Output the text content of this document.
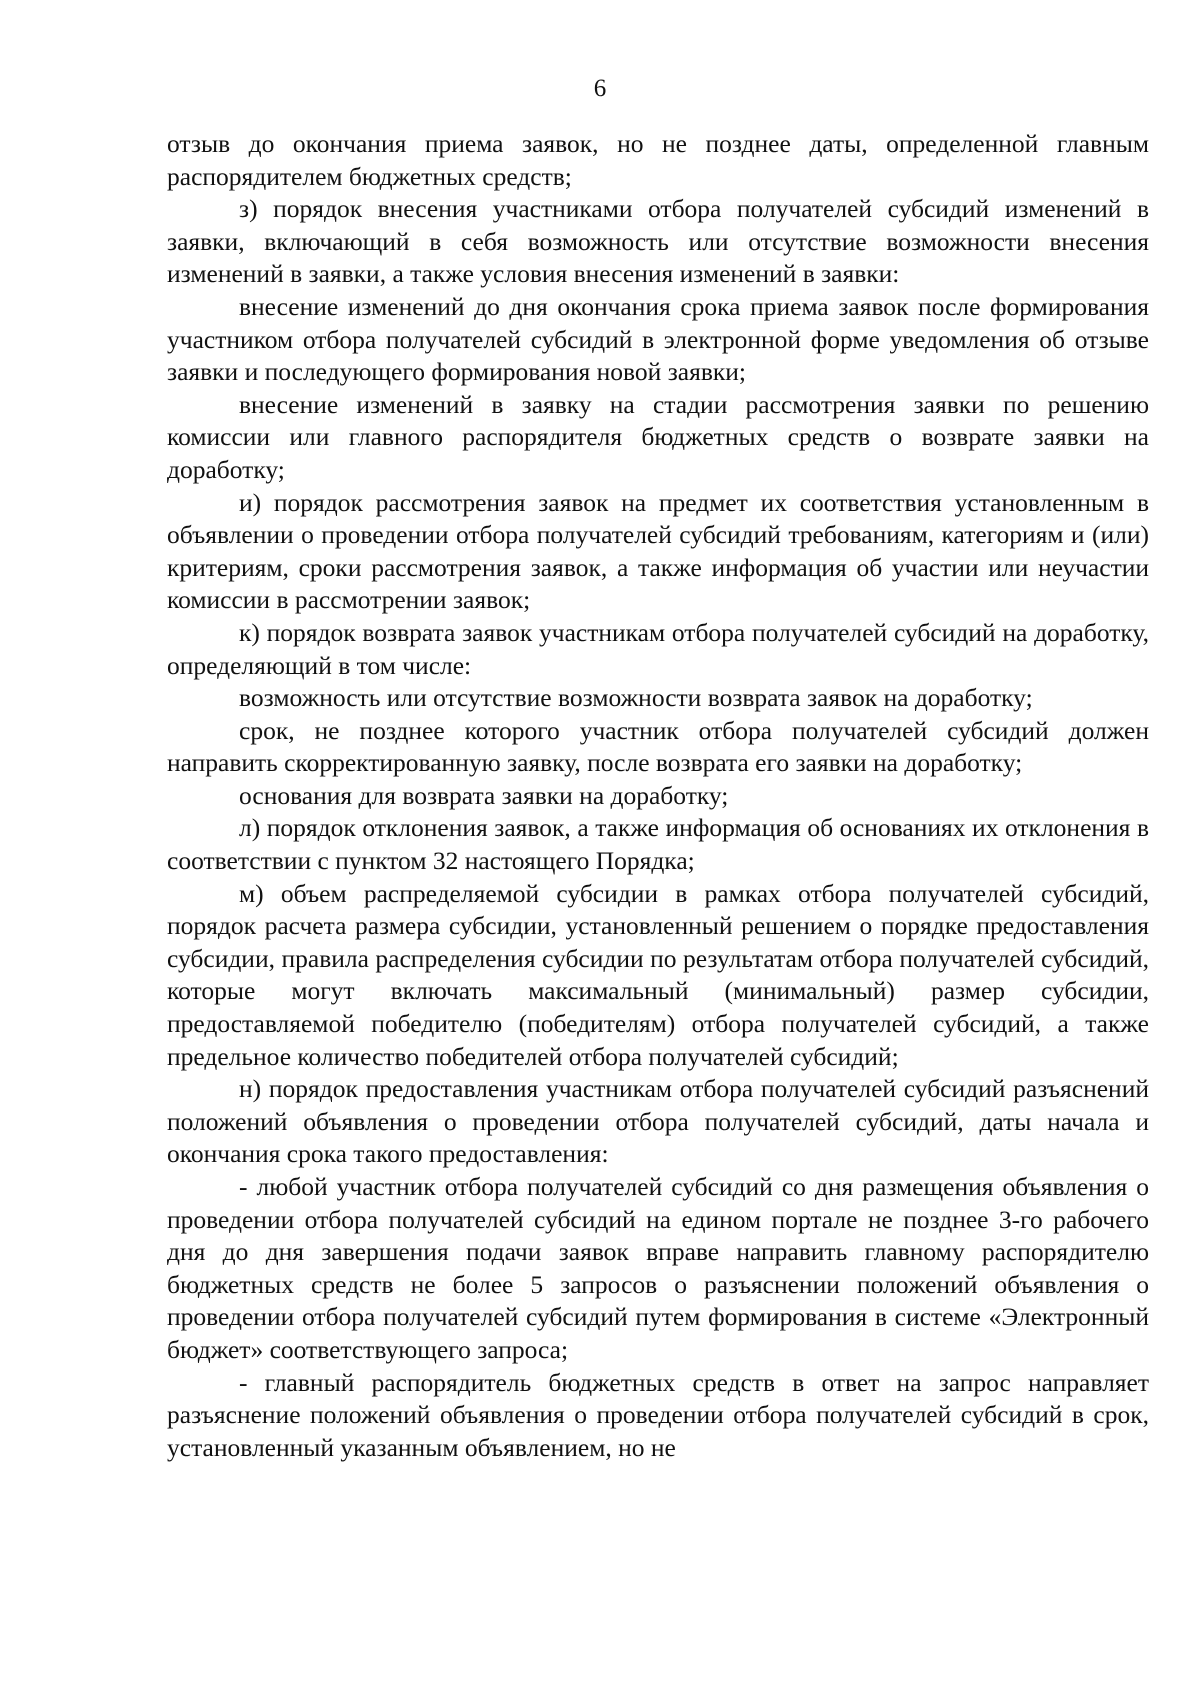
6

отзыв до окончания приема заявок, но не позднее даты, определенной главным распорядителем бюджетных средств;

з) порядок внесения участниками отбора получателей субсидий изменений в заявки, включающий в себя возможность или отсутствие возможности внесения изменений в заявки, а также условия внесения изменений в заявки:

внесение изменений до дня окончания срока приема заявок после формирования участником отбора получателей субсидий в электронной форме уведомления об отзыве заявки и последующего формирования новой заявки;

внесение изменений в заявку на стадии рассмотрения заявки по решению комиссии или главного распорядителя бюджетных средств о возврате заявки на доработку;

и) порядок рассмотрения заявок на предмет их соответствия установленным в объявлении о проведении отбора получателей субсидий требованиям, категориям и (или) критериям, сроки рассмотрения заявок, а также информация об участии или неучастии комиссии в рассмотрении заявок;

к) порядок возврата заявок участникам отбора получателей субсидий на доработку, определяющий в том числе:

возможность или отсутствие возможности возврата заявок на доработку;

срок, не позднее которого участник отбора получателей субсидий должен направить скорректированную заявку, после возврата его заявки на доработку;

основания для возврата заявки на доработку;

л) порядок отклонения заявок, а также информация об основаниях их отклонения в соответствии с пунктом 32 настоящего Порядка;

м) объем распределяемой субсидии в рамках отбора получателей субсидий, порядок расчета размера субсидии, установленный решением о порядке предоставления субсидии, правила распределения субсидии по результатам отбора получателей субсидий, которые могут включать максимальный (минимальный) размер субсидии, предоставляемой победителю (победителям) отбора получателей субсидий, а также предельное количество победителей отбора получателей субсидий;

н) порядок предоставления участникам отбора получателей субсидий разъяснений положений объявления о проведении отбора получателей субсидий, даты начала и окончания срока такого предоставления:

- любой участник отбора получателей субсидий со дня размещения объявления о проведении отбора получателей субсидий на едином портале не позднее 3-го рабочего дня до дня завершения подачи заявок вправе направить главному распорядителю бюджетных средств не более 5 запросов о разъяснении положений объявления о проведении отбора получателей субсидий путем формирования в системе «Электронный бюджет» соответствующего запроса;

- главный распорядитель бюджетных средств в ответ на запрос направляет разъяснение положений объявления о проведении отбора получателей субсидий в срок, установленный указанным объявлением, но не
